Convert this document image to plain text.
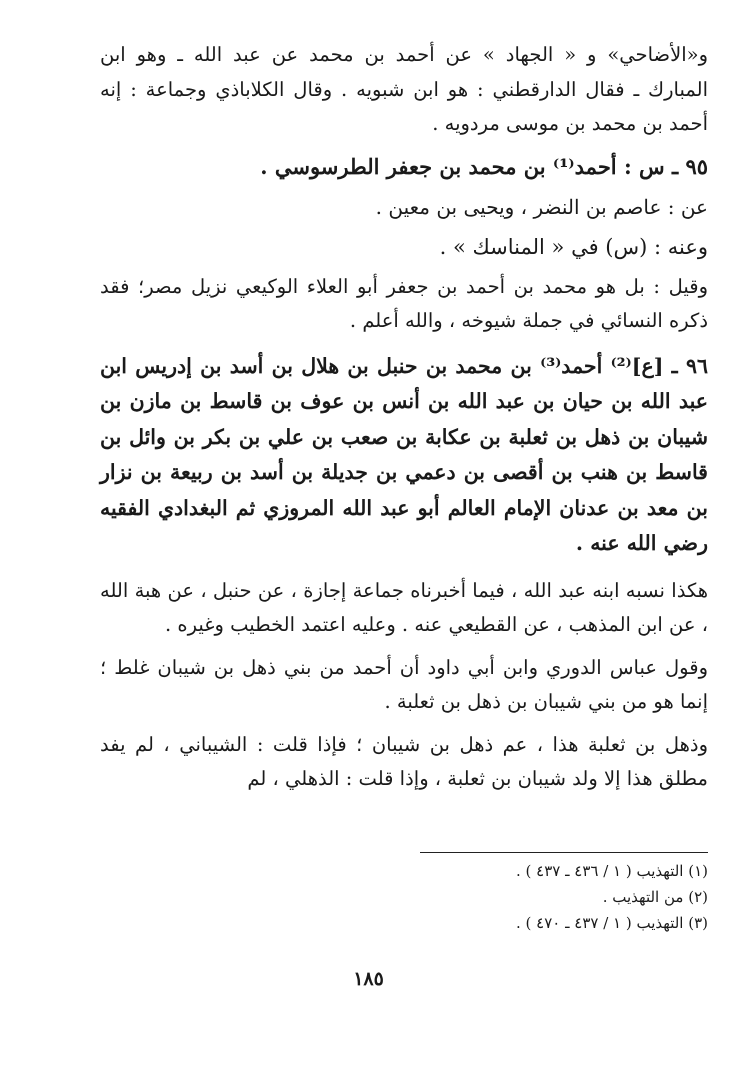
و«الأضاحي» و « الجهاد » عن أحمد بن محمد عن عبد الله ـ وهو ابن المبارك ـ فقال الدارقطني : هو ابن شبويه . وقال الكلاباذي وجماعة : إنه أحمد بن محمد بن موسى مردويه .

٩٥ ـ س : أحمد⁽¹⁾ بن محمد بن جعفر الطرسوسي .

عن : عاصم بن النضر ، ويحيى بن معين .

وعنه : (س) في « المناسك » .

وقيل : بل هو محمد بن أحمد بن جعفر أبو العلاء الوكيعي نزيل مصر؛ فقد ذكره النسائي في جملة شيوخه ، والله أعلم .

٩٦ ـ [ع]⁽²⁾ أحمد⁽³⁾ بن محمد بن حنبل بن هلال بن أسد بن إدريس ابن عبد الله بن حيان بن عبد الله بن أنس بن عوف بن قاسط بن مازن بن شيبان بن ذهل بن ثعلبة بن عكابة بن صعب بن علي بن بكر بن وائل بن قاسط بن هنب بن أقصى بن دعمي بن جديلة بن أسد بن ربيعة بن نزار بن معد بن عدنان الإمام العالم أبو عبد الله المروزي ثم البغدادي الفقيه رضي الله عنه .

هكذا نسبه ابنه عبد الله ، فيما أخبرناه جماعة إجازة ، عن حنبل ، عن هبة الله ، عن ابن المذهب ، عن القطيعي عنه . وعليه اعتمد الخطيب وغيره .

وقول عباس الدوري وابن أبي داود أن أحمد من بني ذهل بن شيبان غلط ؛ إنما هو من بني شيبان بن ذهل بن ثعلبة .

وذهل بن ثعلبة هذا ، عم ذهل بن شيبان ؛ فإذا قلت : الشيباني ، لم يفد مطلق هذا إلا ولد شيبان بن ثعلبة ، وإذا قلت : الذهلي ، لم

(١) التهذيب ( ١ / ٤٣٦ ـ ٤٣٧ ) .

(٢) من التهذيب .

(٣) التهذيب ( ١ / ٤٣٧ ـ ٤٧٠ ) .

١٨٥
